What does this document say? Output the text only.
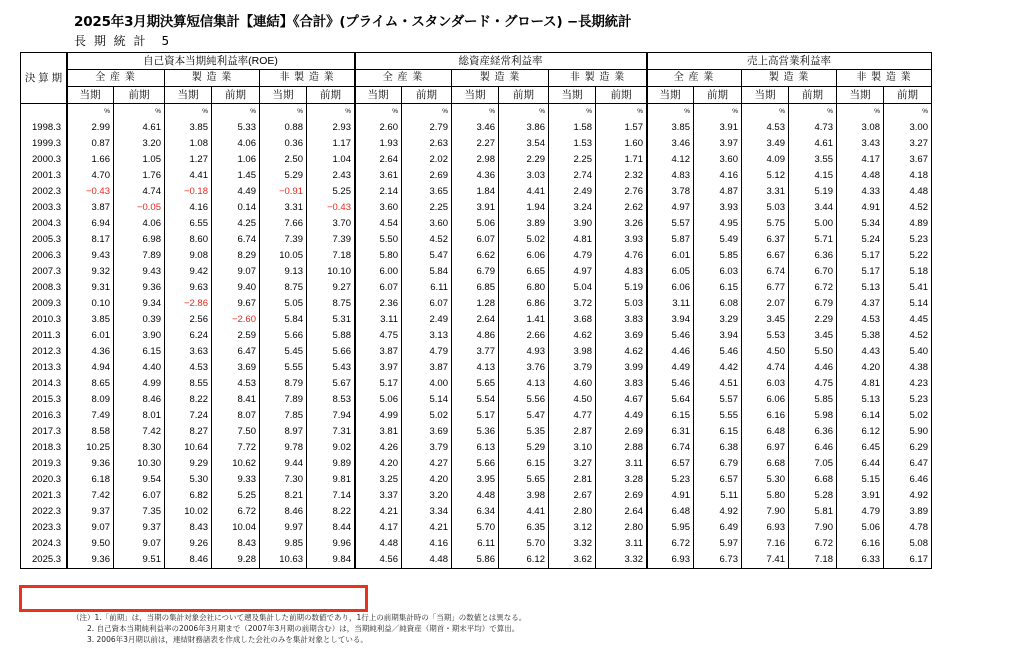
2025年3月期決算短信集計【連結】《合計》(プライム・スタンダード・グロース) −長期統計
長 期 統 計　5
決 算 期	自己資本当期純利益率(ROE)						総資産経常利益率						売上高営業利益率					
	全 産 業		製 造 業		非 製 造 業		全 産 業		製 造 業		非 製 造 業		全 産 業		製 造 業		非 製 造 業	
	当期	前期	当期	前期	当期	前期	当期	前期	当期	前期	当期	前期	当期	前期	当期	前期	当期	前期
	%	%	%	%	%	%	%	%	%	%	%	%	%	%	%	%	%	%
1998.3	2.99	4.61	3.85	5.33	0.88	2.93	2.60	2.79	3.46	3.86	1.58	1.57	3.85	3.91	4.53	4.73	3.08	3.00
1999.3	0.87	3.20	1.08	4.06	0.36	1.17	1.93	2.63	2.27	3.54	1.53	1.60	3.46	3.97	3.49	4.61	3.43	3.27
2000.3	1.66	1.05	1.27	1.06	2.50	1.04	2.64	2.02	2.98	2.29	2.25	1.71	4.12	3.60	4.09	3.55	4.17	3.67
2001.3	4.70	1.76	4.41	1.45	5.29	2.43	3.61	2.69	4.36	3.03	2.74	2.32	4.83	4.16	5.12	4.15	4.48	4.18
2002.3	−0.43	4.74	−0.18	4.49	−0.91	5.25	2.14	3.65	1.84	4.41	2.49	2.76	3.78	4.87	3.31	5.19	4.33	4.48
2003.3	3.87	−0.05	4.16	0.14	3.31	−0.43	3.60	2.25	3.91	1.94	3.24	2.62	4.97	3.93	5.03	3.44	4.91	4.52
2004.3	6.94	4.06	6.55	4.25	7.66	3.70	4.54	3.60	5.06	3.89	3.90	3.26	5.57	4.95	5.75	5.00	5.34	4.89
2005.3	8.17	6.98	8.60	6.74	7.39	7.39	5.50	4.52	6.07	5.02	4.81	3.93	5.87	5.49	6.37	5.71	5.24	5.23
2006.3	9.43	7.89	9.08	8.29	10.05	7.18	5.80	5.47	6.62	6.06	4.79	4.76	6.01	5.85	6.67	6.36	5.17	5.22
2007.3	9.32	9.43	9.42	9.07	9.13	10.10	6.00	5.84	6.79	6.65	4.97	4.83	6.05	6.03	6.74	6.70	5.17	5.18
2008.3	9.31	9.36	9.63	9.40	8.75	9.27	6.07	6.11	6.85	6.80	5.04	5.19	6.06	6.15	6.77	6.72	5.13	5.41
2009.3	0.10	9.34	−2.86	9.67	5.05	8.75	2.36	6.07	1.28	6.86	3.72	5.03	3.11	6.08	2.07	6.79	4.37	5.14
2010.3	3.85	0.39	2.56	−2.60	5.84	5.31	3.11	2.49	2.64	1.41	3.68	3.83	3.94	3.29	3.45	2.29	4.53	4.45
2011.3	6.01	3.90	6.24	2.59	5.66	5.88	4.75	3.13	4.86	2.66	4.62	3.69	5.46	3.94	5.53	3.45	5.38	4.52
2012.3	4.36	6.15	3.63	6.47	5.45	5.66	3.87	4.79	3.77	4.93	3.98	4.62	4.46	5.46	4.50	5.50	4.43	5.40
2013.3	4.94	4.40	4.53	3.69	5.55	5.43	3.97	3.87	4.13	3.76	3.79	3.99	4.49	4.42	4.74	4.46	4.20	4.38
2014.3	8.65	4.99	8.55	4.53	8.79	5.67	5.17	4.00	5.65	4.13	4.60	3.83	5.46	4.51	6.03	4.75	4.81	4.23
2015.3	8.09	8.46	8.22	8.41	7.89	8.53	5.06	5.14	5.54	5.56	4.50	4.67	5.64	5.57	6.06	5.85	5.13	5.23
2016.3	7.49	8.01	7.24	8.07	7.85	7.94	4.99	5.02	5.17	5.47	4.77	4.49	6.15	5.55	6.16	5.98	6.14	5.02
2017.3	8.58	7.42	8.27	7.50	8.97	7.31	3.81	3.69	5.36	5.35	2.87	2.69	6.31	6.15	6.48	6.36	6.12	5.90
2018.3	10.25	8.30	10.64	7.72	9.78	9.02	4.26	3.79	6.13	5.29	3.10	2.88	6.74	6.38	6.97	6.46	6.45	6.29
2019.3	9.36	10.30	9.29	10.62	9.44	9.89	4.20	4.27	5.66	6.15	3.27	3.11	6.57	6.79	6.68	7.05	6.44	6.47
2020.3	6.18	9.54	5.30	9.33	7.30	9.81	3.25	4.20	3.95	5.65	2.81	3.28	5.23	6.57	5.30	6.68	5.15	6.46
2021.3	7.42	6.07	6.82	5.25	8.21	7.14	3.37	3.20	4.48	3.98	2.67	2.69	4.91	5.11	5.80	5.28	3.91	4.92
2022.3	9.37	7.35	10.02	6.72	8.46	8.22	4.21	3.34	6.34	4.41	2.80	2.64	6.48	4.92	7.90	5.81	4.79	3.89
2023.3	9.07	9.37	8.43	10.04	9.97	8.44	4.17	4.21	5.70	6.35	3.12	2.80	5.95	6.49	6.93	7.90	5.06	4.78
2024.3	9.50	9.07	9.26	8.43	9.85	9.96	4.48	4.16	6.11	5.70	3.32	3.11	6.72	5.97	7.16	6.72	6.16	5.08
2025.3	9.36	9.51	8.46	9.28	10.63	9.84	4.56	4.48	5.86	6.12	3.62	3.32	6.93	6.73	7.41	7.18	6.33	6.17
（注）1.「前期」は，当期の集計対象会社について遡及集計した前期の数値であり，1行上の前期集計時の「当期」の数値とは異なる。
　　2. 自己資本当期純利益率の2006年3月期まで（2007年3月期の前期含む）は，当期純利益／純資産（期首・期末平均）で算出。
　　3. 2006年3月期以前は，連結財務諸表を作成した会社のみを集計対象としている。
